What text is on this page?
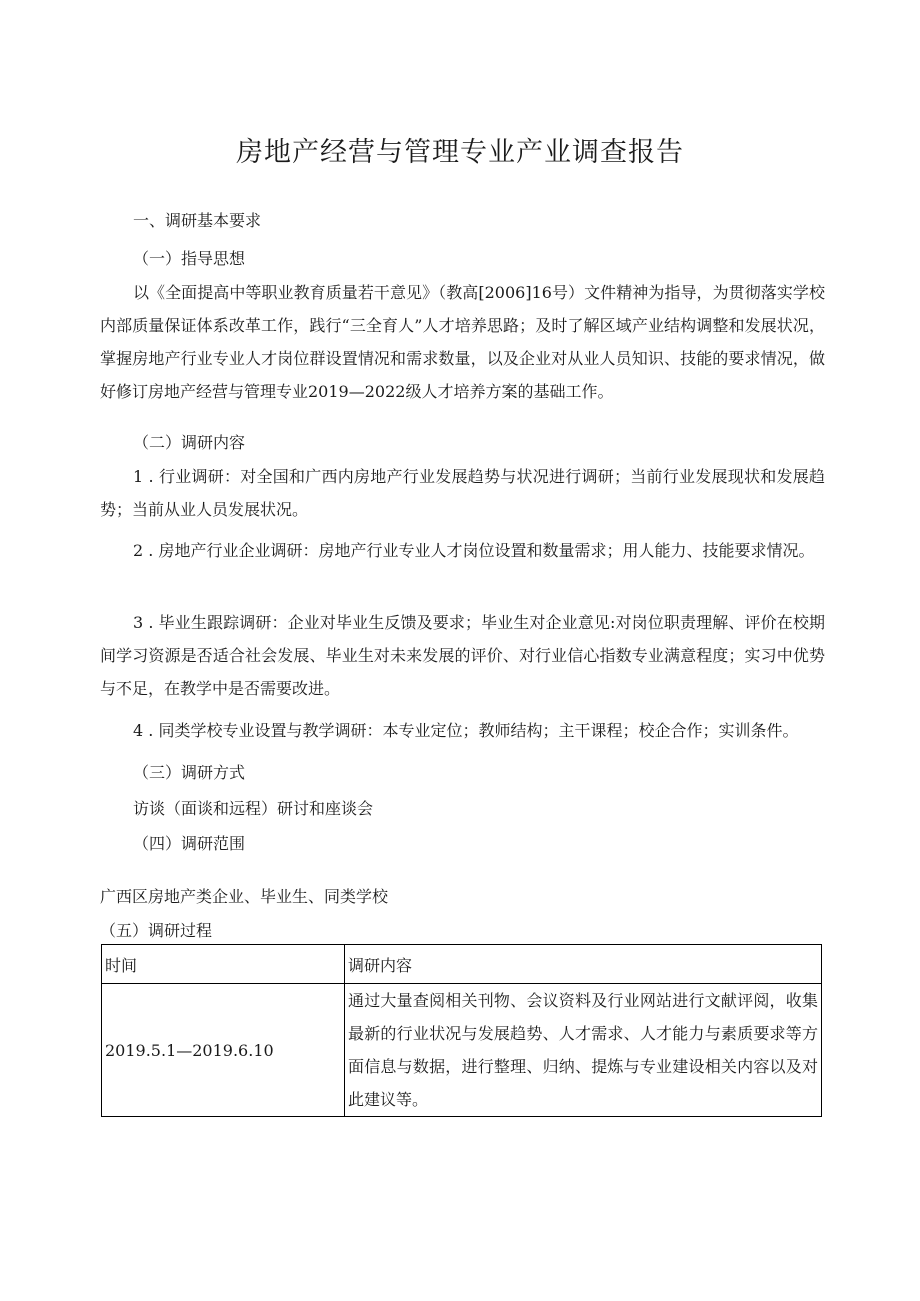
房地产经营与管理专业产业调查报告
一、调研基本要求
（一）指导思想
以《全面提高中等职业教育质量若干意见》（教高[2006]16号）文件精神为指导，为贯彻落实学校内部质量保证体系改革工作，践行“三全育人”人才培养思路；及时了解区域产业结构调整和发展状况，掌握房地产行业专业人才岗位群设置情况和需求数量，以及企业对从业人员知识、技能的要求情况，做好修订房地产经营与管理专业2019—2022级人才培养方案的基础工作。
（二）调研内容
1 . 行业调研：对全国和广西内房地产行业发展趋势与状况进行调研；当前行业发展现状和发展趋势；当前从业人员发展状况。
2 . 房地产行业企业调研：房地产行业专业人才岗位设置和数量需求；用人能力、技能要求情况。
3 . 毕业生跟踪调研：企业对毕业生反馈及要求；毕业生对企业意见:对岗位职责理解、评价在校期间学习资源是否适合社会发展、毕业生对未来发展的评价、对行业信心指数专业满意程度；实习中优势与不足，在教学中是否需要改进。
4 . 同类学校专业设置与教学调研：本专业定位；教师结构；主干课程；校企合作；实训条件。
（三）调研方式
访谈（面谈和远程）研讨和座谈会
（四）调研范围
广西区房地产类企业、毕业生、同类学校
（五）调研过程
时间	调研内容
2019.5.1—2019.6.10	通过大量查阅相关刊物、会议资料及行业网站进行文献评阅，收集最新的行业状况与发展趋势、人才需求、人才能力与素质要求等方面信息与数据，进行整理、归纳、提炼与专业建设相关内容以及对此建议等。
